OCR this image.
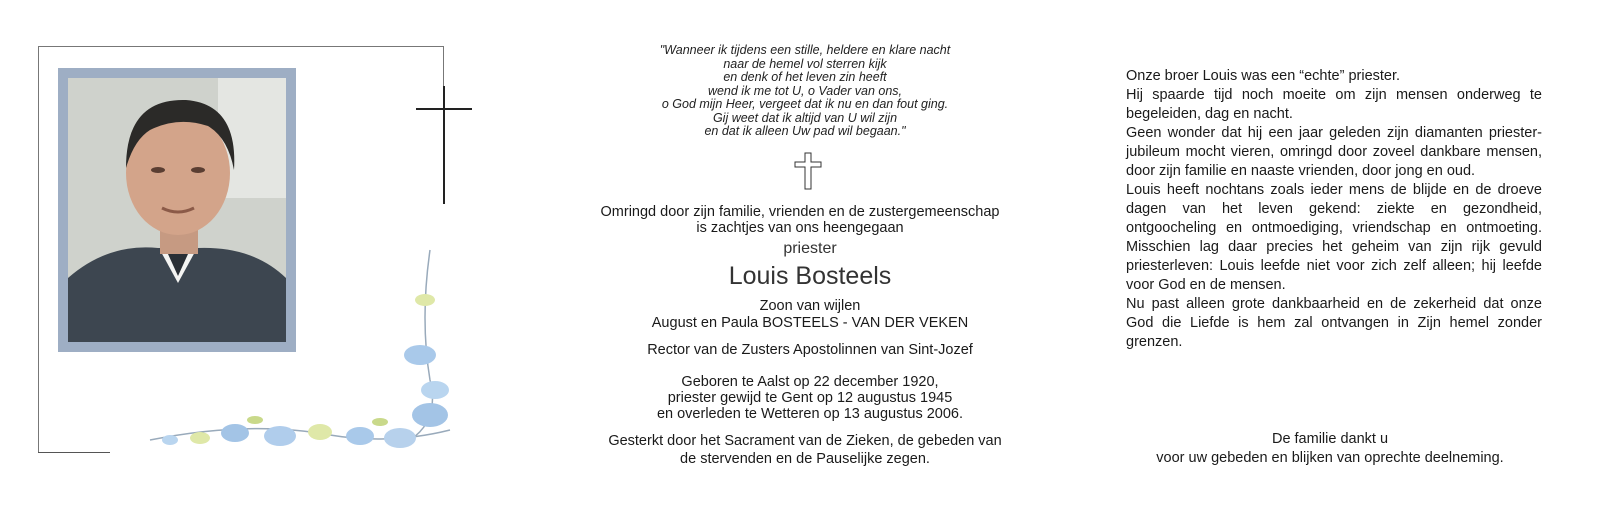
"Wanneer ik tijdens een stille, heldere en klare nacht
naar de hemel vol sterren kijk
en denk of het leven zin heeft
wend ik me tot U, o Vader van ons,
o God mijn Heer, vergeet dat ik nu en dan fout ging.
Gij weet dat ik altijd van U wil zijn
en dat ik alleen Uw pad wil begaan."
Omringd door zijn familie, vrienden en de zustergemeenschap
is zachtjes van ons heengegaan
priester
Louis Bosteels
Zoon van wijlen
August en Paula BOSTEELS - VAN DER VEKEN
Rector van de Zusters Apostolinnen van Sint-Jozef
Geboren te Aalst op 22 december 1920,
priester gewijd te Gent op 12 augustus 1945
en overleden te Wetteren op 13 augustus 2006.
Gesterkt door het Sacrament van de Zieken, de gebeden van
de stervenden en de Pauselijke zegen.

Onze broer Louis was een “echte” priester.

Hij spaarde tijd noch moeite om zijn mensen onderweg te begeleiden, dag en nacht.

Geen wonder dat hij een jaar geleden zijn diamanten priester-jubileum mocht vieren, omringd door zoveel dankbare mensen, door zijn familie en naaste vrienden, door jong en oud.

Louis heeft nochtans zoals ieder mens de blijde en de droeve dagen van het leven gekend: ziekte en gezondheid, ontgoocheling en ontmoediging, vriendschap en ontmoeting. Misschien lag daar precies het geheim van zijn rijk gevuld priesterleven: Louis leefde niet voor zich zelf alleen; hij leefde voor God en de mensen.

Nu past alleen grote dankbaarheid en de zekerheid dat onze God die Liefde is hem zal ontvangen in Zijn hemel zonder grenzen.

De familie dankt u
voor uw gebeden en blijken van oprechte deelneming.
